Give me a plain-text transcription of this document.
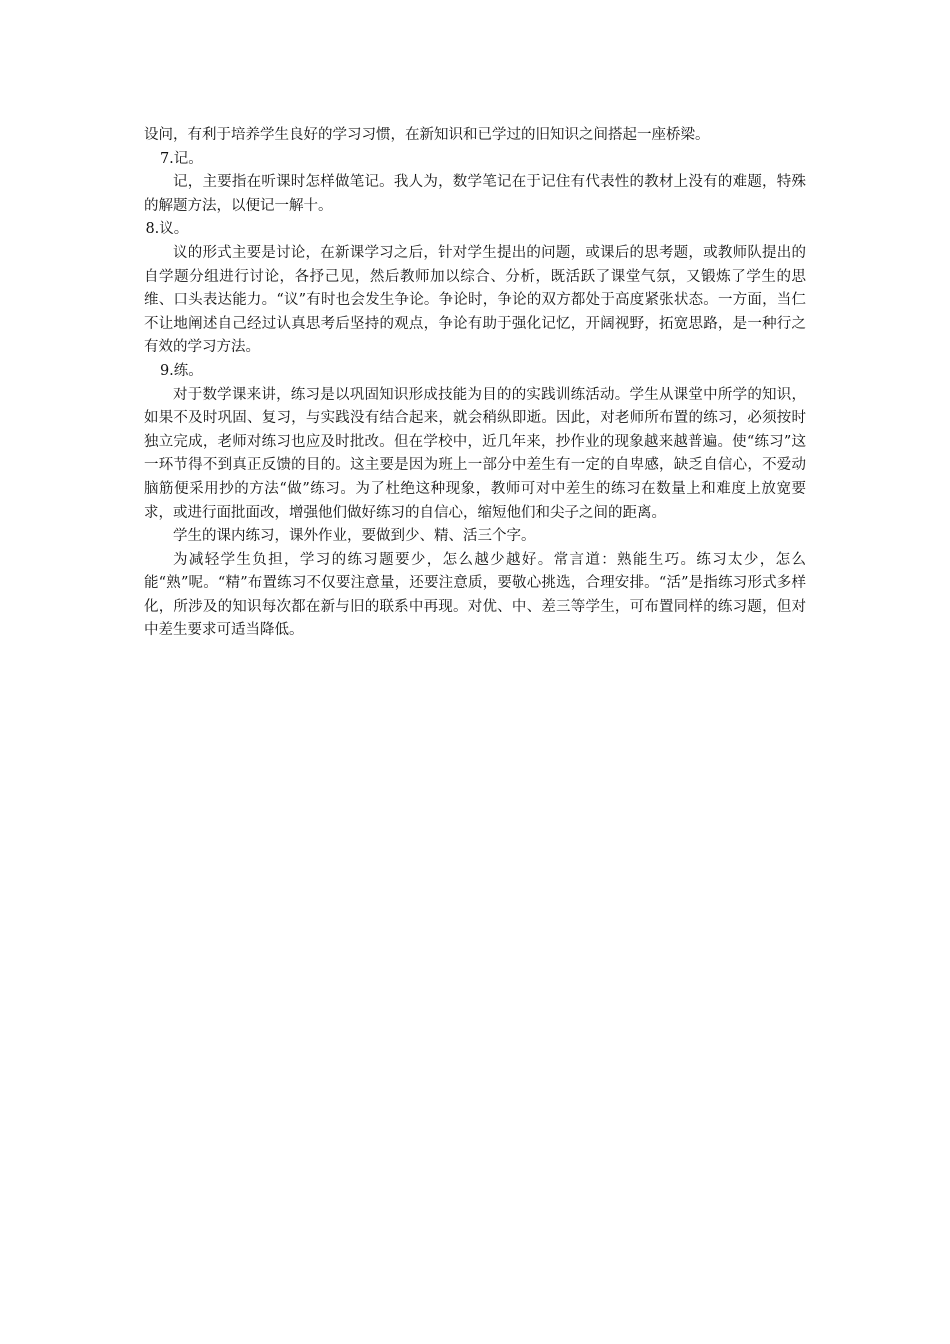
设问，有利于培养学生良好的学习习惯，在新知识和已学过的旧知识之间搭起一座桥梁。

7.记。

记，主要指在听课时怎样做笔记。我人为，数学笔记在于记住有代表性的教材上没有的难题，特殊的解题方法，以便记一解十。

8.议。

议的形式主要是讨论，在新课学习之后，针对学生提出的问题，或课后的思考题，或教师队提出的自学题分组进行讨论，各抒己见，然后教师加以综合、分析，既活跃了课堂气氛，又锻炼了学生的思维、口头表达能力。“议”有时也会发生争论。争论时，争论的双方都处于高度紧张状态。一方面，当仁不让地阐述自己经过认真思考后坚持的观点，争论有助于强化记忆，开阔视野，拓宽思路，是一种行之有效的学习方法。

9.练。

对于数学课来讲，练习是以巩固知识形成技能为目的的实践训练活动。学生从课堂中所学的知识，如果不及时巩固、复习，与实践没有结合起来，就会稍纵即逝。因此，对老师所布置的练习，必须按时独立完成，老师对练习也应及时批改。但在学校中，近几年来，抄作业的现象越来越普遍。使“练习”这一环节得不到真正反馈的目的。这主要是因为班上一部分中差生有一定的自卑感，缺乏自信心，不爱动脑筋便采用抄的方法“做”练习。为了杜绝这种现象，教师可对中差生的练习在数量上和难度上放宽要求，或进行面批面改，增强他们做好练习的自信心，缩短他们和尖子之间的距离。

学生的课内练习，课外作业，要做到少、精、活三个字。

为减轻学生负担，学习的练习题要少，怎么越少越好。常言道：熟能生巧。练习太少，怎么能“熟”呢。“精”布置练习不仅要注意量，还要注意质，要敬心挑选，合理安排。“活”是指练习形式多样化，所涉及的知识每次都在新与旧的联系中再现。对优、中、差三等学生，可布置同样的练习题，但对中差生要求可适当降低。
